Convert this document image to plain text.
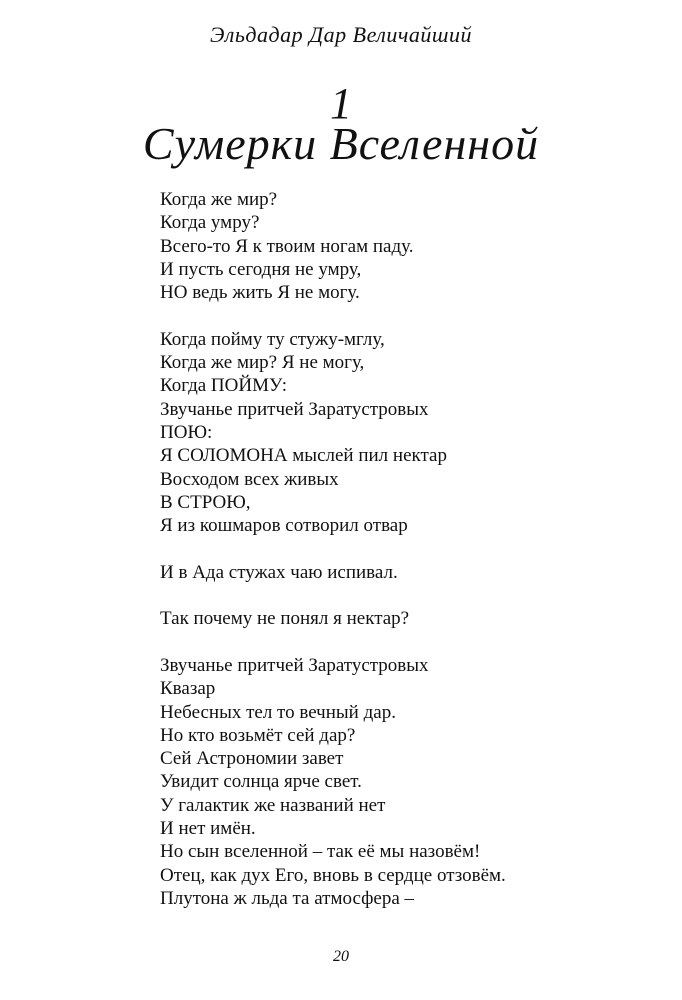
Эльдадар Дар Величайший
1
Сумерки Вселенной
Когда же мир?
Когда умру?
Всего-то Я к твоим ногам паду.
И пусть сегодня не умру,
НО ведь жить Я не могу.
Когда пойму ту стужу-мглу,
Когда же мир? Я не могу,
Когда ПОЙМУ:
Звучанье притчей Заратустровых
ПОЮ:
Я СОЛОМОНА мыслей пил нектар
Восходом всех живых
В СТРОЮ,
Я из кошмаров сотворил отвар
И в Ада стужах чаю испивал.
Так почему не понял я нектар?
Звучанье притчей Заратустровых
Квазар
Небесных тел то вечный дар.
Но кто возьмёт сей дар?
Сей Астрономии завет
Увидит солнца ярче свет.
У галактик же названий нет
И нет имён.
Но сын вселенной – так её мы назовём!
Отец, как дух Его, вновь в сердце отзовём.
Плутона ж льда та атмосфера –
20
